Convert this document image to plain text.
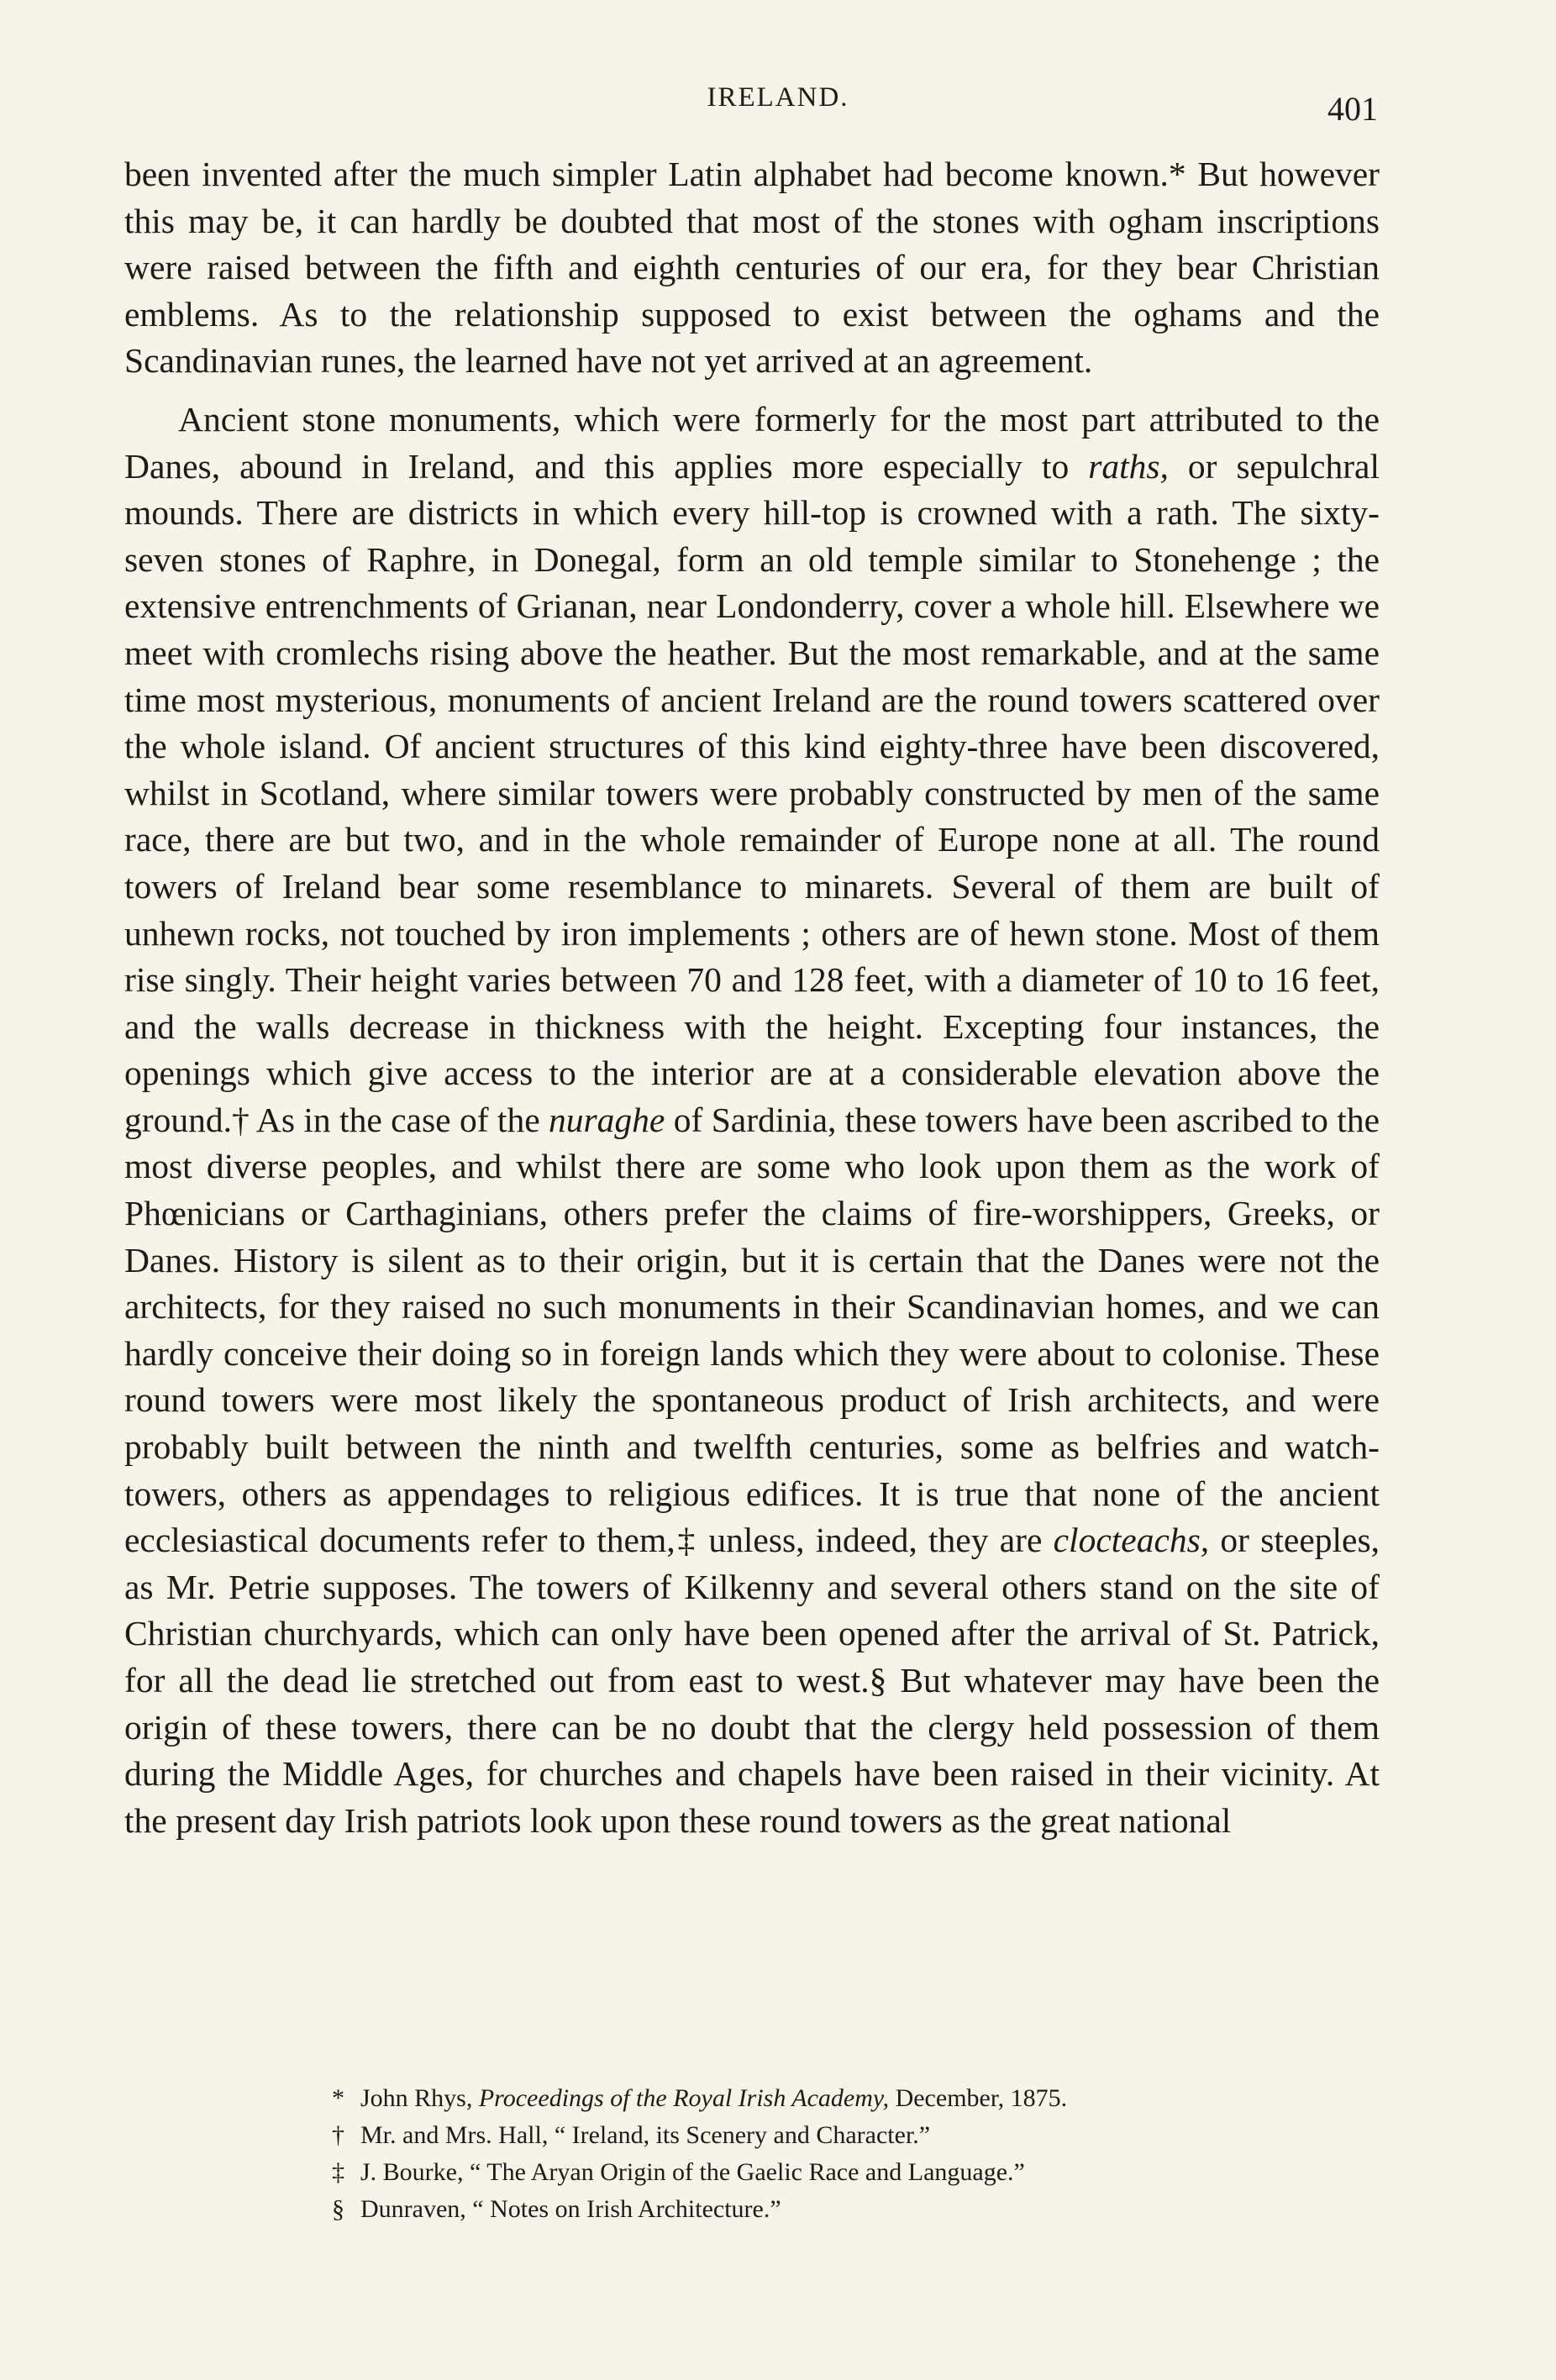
IRELAND.	401

been invented after the much simpler Latin alphabet had become known.* But however this may be, it can hardly be doubted that most of the stones with ogham inscriptions were raised between the fifth and eighth centuries of our era, for they bear Christian emblems. As to the relationship supposed to exist between the oghams and the Scandinavian runes, the learned have not yet arrived at an agreement.

Ancient stone monuments, which were formerly for the most part attributed to the Danes, abound in Ireland, and this applies more especially to raths, or sepulchral mounds. There are districts in which every hill-top is crowned with a rath. The sixty-seven stones of Raphre, in Donegal, form an old temple similar to Stonehenge ; the extensive entrenchments of Grianan, near Londonderry, cover a whole hill. Elsewhere we meet with cromlechs rising above the heather. But the most remarkable, and at the same time most mysterious, monuments of ancient Ireland are the round towers scattered over the whole island. Of ancient structures of this kind eighty-three have been discovered, whilst in Scotland, where similar towers were probably constructed by men of the same race, there are but two, and in the whole remainder of Europe none at all. The round towers of Ireland bear some resemblance to minarets. Several of them are built of unhewn rocks, not touched by iron implements ; others are of hewn stone. Most of them rise singly. Their height varies between 70 and 128 feet, with a diameter of 10 to 16 feet, and the walls decrease in thickness with the height. Excepting four instances, the openings which give access to the interior are at a considerable elevation above the ground.† As in the case of the nuraghe of Sardinia, these towers have been ascribed to the most diverse peoples, and whilst there are some who look upon them as the work of Phœnicians or Carthaginians, others prefer the claims of fire-worshippers, Greeks, or Danes. History is silent as to their origin, but it is certain that the Danes were not the architects, for they raised no such monuments in their Scandinavian homes, and we can hardly conceive their doing so in foreign lands which they were about to colonise. These round towers were most likely the spontaneous product of Irish architects, and were probably built between the ninth and twelfth centuries, some as belfries and watch-towers, others as appendages to religious edifices. It is true that none of the ancient ecclesiastical documents refer to them,‡ unless, indeed, they are clocteachs, or steeples, as Mr. Petrie supposes. The towers of Kilkenny and several others stand on the site of Christian churchyards, which can only have been opened after the arrival of St. Patrick, for all the dead lie stretched out from east to west.§ But whatever may have been the origin of these towers, there can be no doubt that the clergy held possession of them during the Middle Ages, for churches and chapels have been raised in their vicinity. At the present day Irish patriots look upon these round towers as the great national

* John Rhys, Proceedings of the Royal Irish Academy, December, 1875.
† Mr. and Mrs. Hall, “ Ireland, its Scenery and Character.”
‡ J. Bourke, “ The Aryan Origin of the Gaelic Race and Language.”
§ Dunraven, “ Notes on Irish Architecture.”
